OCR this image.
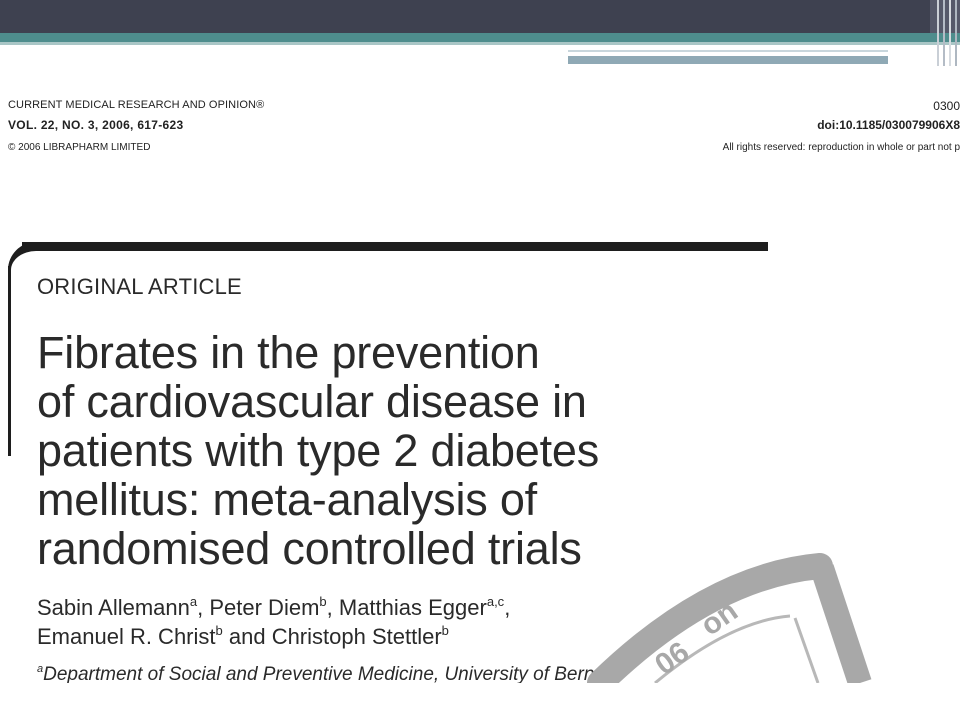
CURRENT MEDICAL RESEARCH AND OPINION®
VOL. 22, NO. 3, 2006, 617-623
© 2006 LIBRAPHARM LIMITED
0300
doi:10.1185/030079906X8
All rights reserved: reproduction in whole or part not p
ORIGINAL ARTICLE
Fibrates in the prevention
of cardiovascular disease in
patients with type 2 diabetes
mellitus: meta-analysis of
randomised controlled trials
Sabin Allemann$^a$, Peter Diem$^b$, Matthias Egger$^{a,c}$,
Emanuel R. Christ$^b$ and Christoph Stettler$^b$
$^a$Department of Social and Preventive Medicine, University of Bern, 06
on
